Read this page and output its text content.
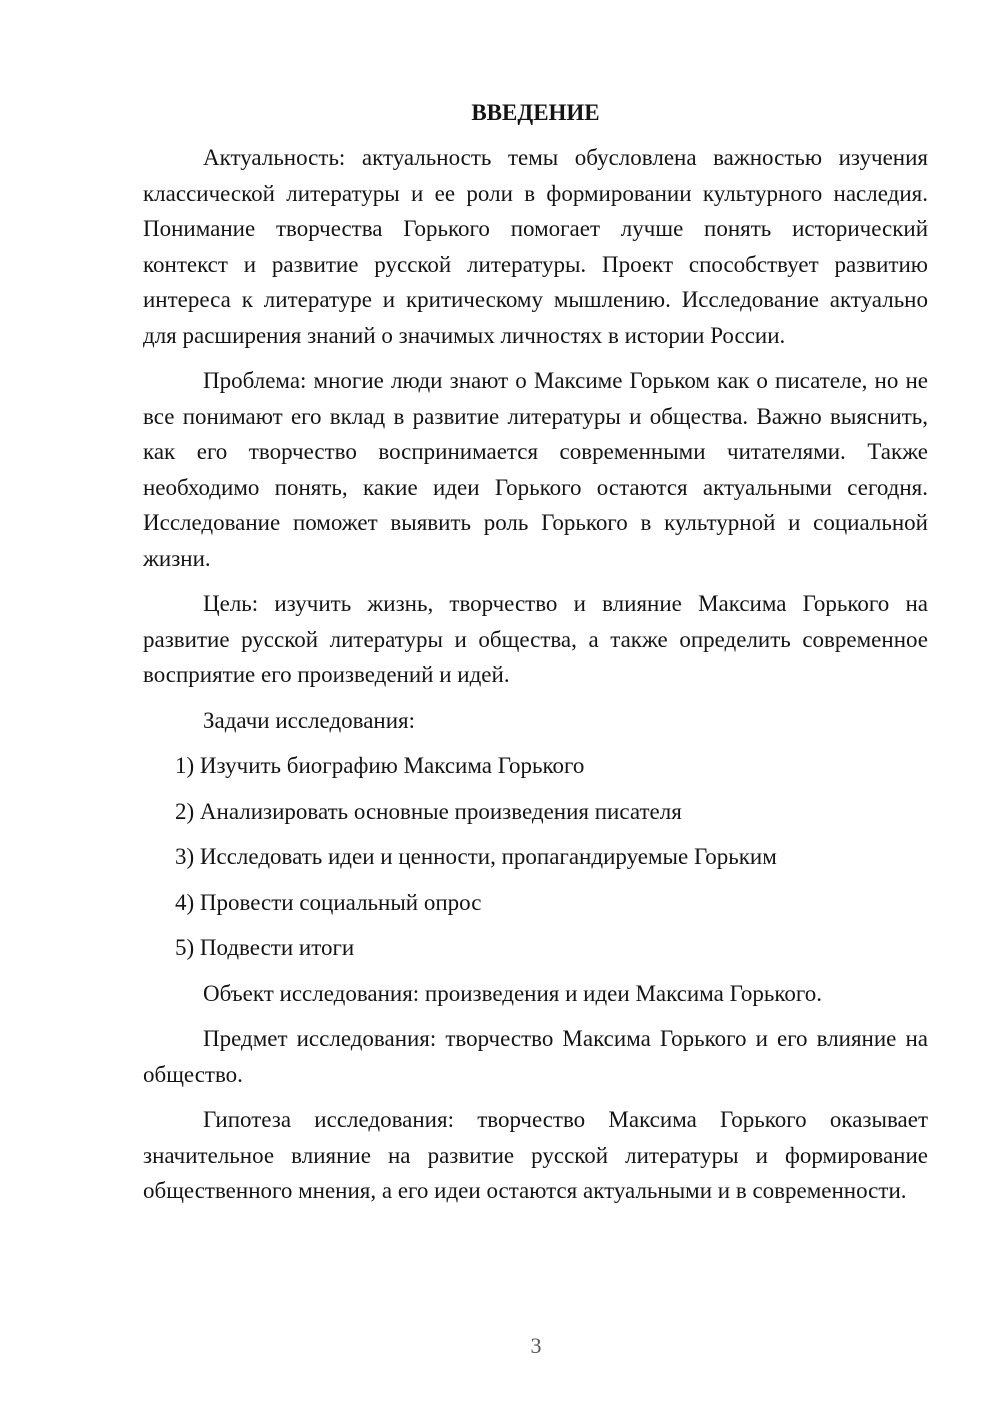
ВВЕДЕНИЕ

Актуальность: актуальность темы обусловлена важностью изучения классической литературы и ее роли в формировании культурного наследия. Понимание творчества Горького помогает лучше понять исторический контекст и развитие русской литературы. Проект способствует развитию интереса к литературе и критическому мышлению. Исследование актуально для расширения знаний о значимых личностях в истории России.

Проблема: многие люди знают о Максиме Горьком как о писателе, но не все понимают его вклад в развитие литературы и общества. Важно выяснить, как его творчество воспринимается современными читателями. Также необходимо понять, какие идеи Горького остаются актуальными сегодня. Исследование поможет выявить роль Горького в культурной и социальной жизни.

Цель: изучить жизнь, творчество и влияние Максима Горького на развитие русской литературы и общества, а также определить современное восприятие его произведений и идей.

Задачи исследования:

1) Изучить биографию Максима Горького

2) Анализировать основные произведения писателя

3) Исследовать идеи и ценности, пропагандируемые Горьким

4) Провести социальный опрос

5) Подвести итоги

Объект исследования: произведения и идеи Максима Горького.

Предмет исследования: творчество Максима Горького и его влияние на общество.

Гипотеза исследования: творчество Максима Горького оказывает значительное влияние на развитие русской литературы и формирование общественного мнения, а его идеи остаются актуальными и в современности.

3
